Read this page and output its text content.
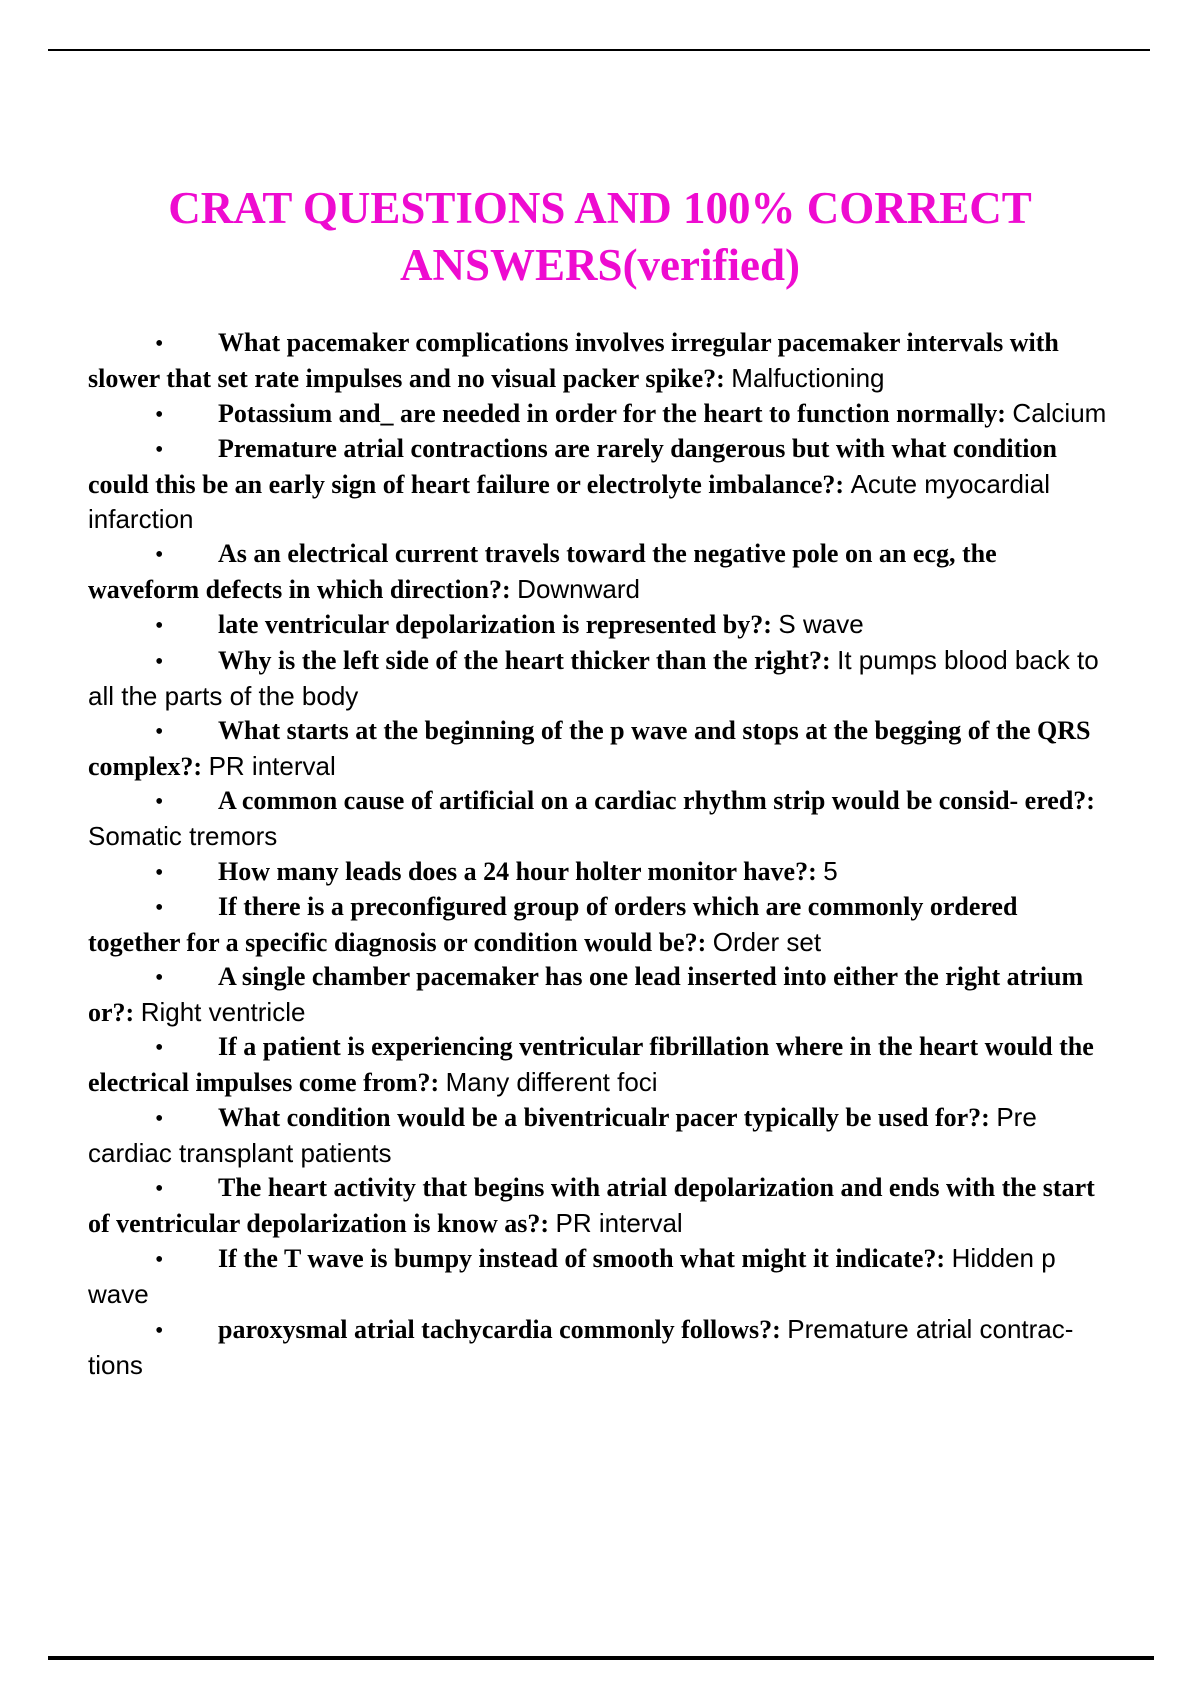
CRAT QUESTIONS AND 100% CORRECT
ANSWERS(verified)

• What pacemaker complications involves irregular pacemaker intervals with slower that set rate impulses and no visual packer spike?: Malfuctioning

• Potassium and_ are needed in order for the heart to function normally: Calcium

• Premature atrial contractions are rarely dangerous but with what condition could this be an early sign of heart failure or electrolyte imbalance?: Acute myocardial infarction

• As an electrical current travels toward the negative pole on an ecg, the waveform defects in which direction?: Downward

• late ventricular depolarization is represented by?: S wave

• Why is the left side of the heart thicker than the right?: It pumps blood back to all the parts of the body

• What starts at the beginning of the p wave and stops at the begging of the QRS complex?: PR interval

• A common cause of artificial on a cardiac rhythm strip would be consid- ered?: Somatic tremors

• How many leads does a 24 hour holter monitor have?: 5

• If there is a preconfigured group of orders which are commonly ordered together for a specific diagnosis or condition would be?: Order set

• A single chamber pacemaker has one lead inserted into either the right atrium or?: Right ventricle

• If a patient is experiencing ventricular fibrillation where in the heart would the electrical impulses come from?: Many different foci

• What condition would be a biventricualr pacer typically be used for?: Pre cardiac transplant patients

• The heart activity that begins with atrial depolarization and ends with the start of ventricular depolarization is know as?: PR interval

• If the T wave is bumpy instead of smooth what might it indicate?: Hidden p wave

• paroxysmal atrial tachycardia commonly follows?: Premature atrial contrac- tions
